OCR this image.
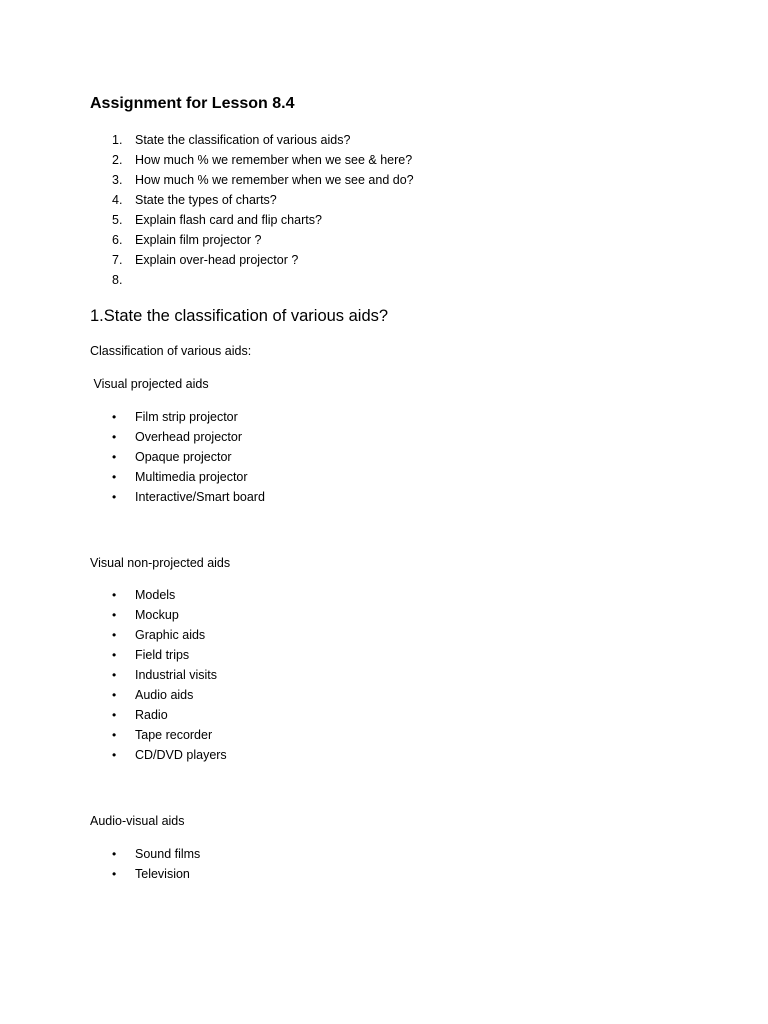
Assignment for Lesson 8.4
1.	State the classification of various aids?
2.	How much % we remember when we see & here?
3.	How much % we remember when we see and do?
4.	State the types of charts?
5.	Explain flash card and flip charts?
6.	Explain film projector ?
7.	Explain over-head projector ?
8.
1.State the classification of various aids?
Classification of various aids:
Visual projected aids
•	Film strip projector
•	Overhead projector
•	Opaque projector
•	Multimedia projector
•	Interactive/Smart board
Visual non-projected aids
•	Models
•	Mockup
•	Graphic aids
•	Field trips
•	Industrial visits
•	Audio aids
•	Radio
•	Tape recorder
•	CD/DVD players
Audio-visual aids
•	Sound films
•	Television
